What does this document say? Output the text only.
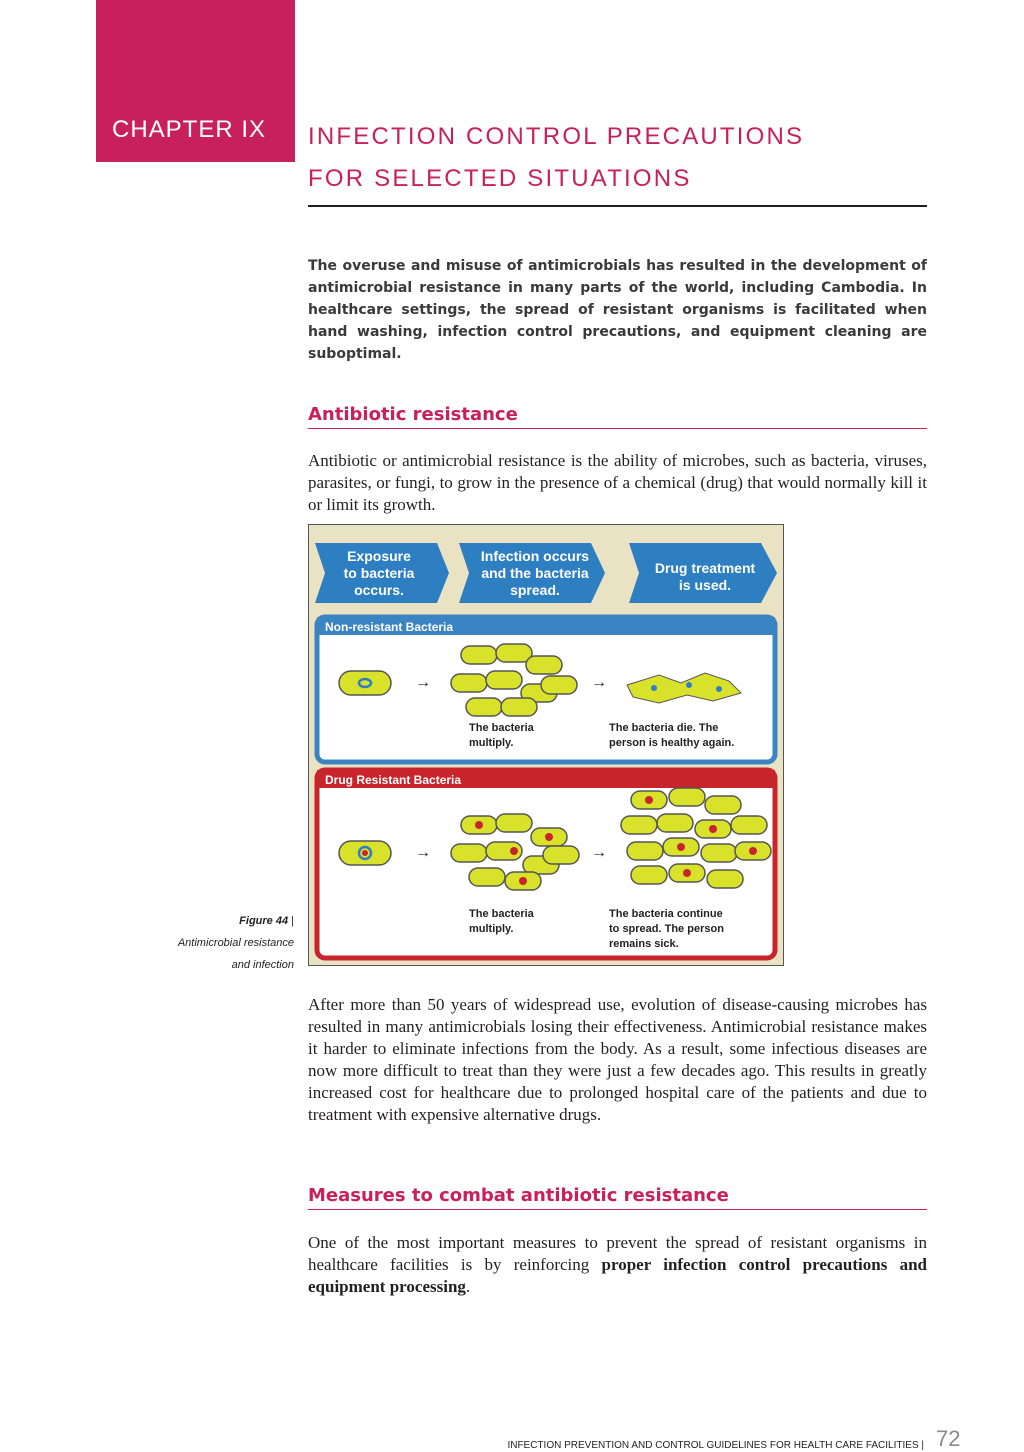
CHAPTER IX INFECTION CONTROL PRECAUTIONS
FOR SELECTED SITUATIONS
The overuse and misuse of antimicrobials has resulted in the development of antimicrobial resistance in many parts of the world, including Cambodia. In healthcare settings, the spread of resistant organisms is facilitated when hand washing, infection control precautions, and equipment cleaning are suboptimal.
Antibiotic resistance
Antibiotic or antimicrobial resistance is the ability of microbes, such as bacteria, viruses, parasites, or fungi, to grow in the presence of a chemical (drug) that would normally kill it or limit its growth.
Exposure
to bacteria
occurs.
Infection occurs
and the bacteria
spread.
Drug treatment
is used.
Non-resistant Bacteria
→	→
The bacteria
multiply.
The bacteria die. The
person is healthy again.
Drug Resistant Bacteria
→	→
The bacteria
multiply.
The bacteria continue
to spread. The person
remains sick.
Figure 44 |
Antimicrobial resistance
and infection
After more than 50 years of widespread use, evolution of disease-causing microbes has resulted in many antimicrobials losing their effectiveness. Antimicrobial resistance makes it harder to eliminate infections from the body. As a result, some infectious diseases are now more difficult to treat than they were just a few decades ago. This results in greatly increased cost for healthcare due to prolonged hospital care of the patients and due to treatment with expensive alternative drugs.
Measures to combat antibiotic resistance
One of the most important measures to prevent the spread of resistant organisms in healthcare facilities is by reinforcing proper infection control precautions and equipment processing.
INFECTION PREVENTION AND CONTROL GUIDELINES FOR HEALTH CARE FACILITIES | 72
